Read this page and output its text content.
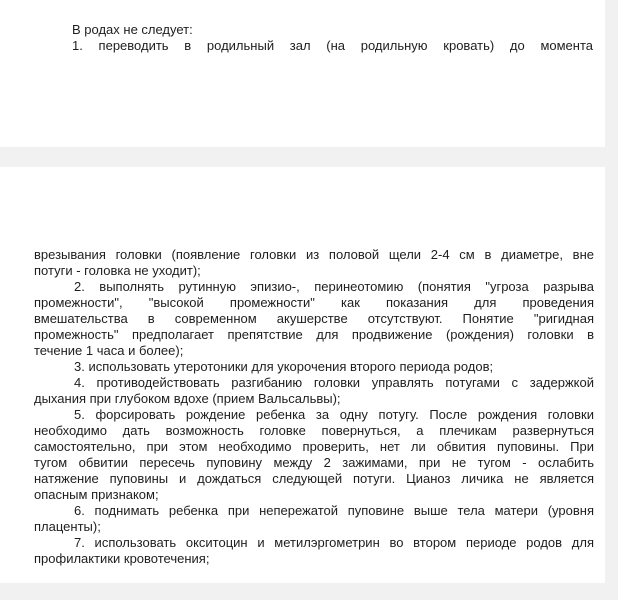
В родах не следует:
1. переводить в родильный зал (на родильную кровать) до момента
врезывания головки (появление головки из половой щели 2-4 см в диаметре, вне
потуги - головка не уходит);
2. выполнять рутинную эпизио-, перинеотомию (понятия "угроза разрыва
промежности", "высокой промежности" как показания для проведения
вмешательства в современном акушерстве отсутствуют. Понятие "ригидная
промежность" предполагает препятствие для продвижение (рождения) головки в
течение 1 часа и более);
3. использовать утеротоники для укорочения второго периода родов;
4. противодействовать разгибанию головки управлять потугами с задержкой
дыхания при глубоком вдохе (прием Вальсальвы);
5. форсировать рождение ребенка за одну потугу. После рождения головки
необходимо дать возможность головке повернуться, а плечикам развернуться
самостоятельно, при этом необходимо проверить, нет ли обвития пуповины. При
тугом обвитии пересечь пуповину между 2 зажимами, при не тугом - ослабить
натяжение пуповины и дождаться следующей потуги. Цианоз личика не является
опасным признаком;
6. поднимать ребенка при непережатой пуповине выше тела матери (уровня
плаценты);
7. использовать окситоцин и метилэргометрин во втором периоде родов для
профилактики кровотечения;
